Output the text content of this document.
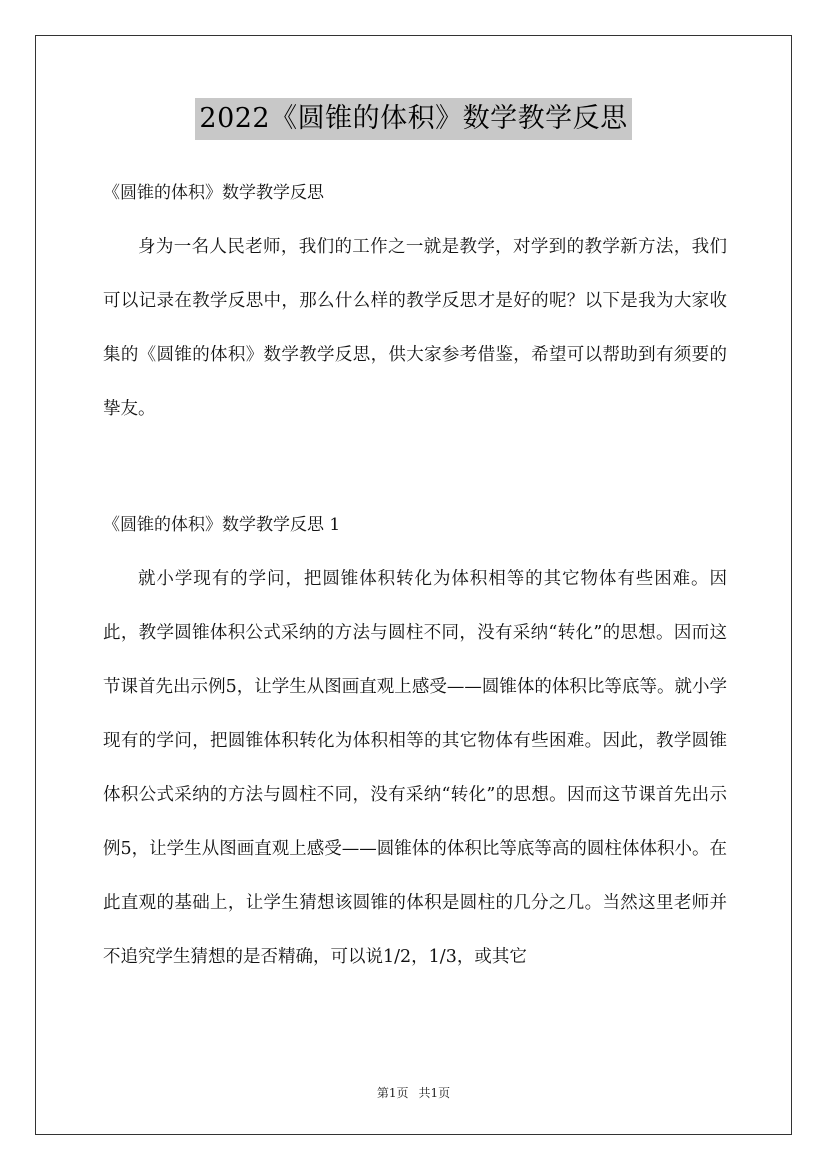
2022《圆锥的体积》数学教学反思

《圆锥的体积》数学教学反思

身为一名人民老师，我们的工作之一就是教学，对学到的教学新方法，我们可以记录在教学反思中，那么什么样的教学反思才是好的呢？以下是我为大家收集的《圆锥的体积》数学教学反思，供大家参考借鉴，希望可以帮助到有须要的挚友。

《圆锥的体积》数学教学反思 1

就小学现有的学问，把圆锥体积转化为体积相等的其它物体有些困难。因此，教学圆锥体积公式采纳的方法与圆柱不同，没有采纳“转化”的思想。因而这节课首先出示例5，让学生从图画直观上感受——圆锥体的体积比等底等。就小学现有的学问，把圆锥体积转化为体积相等的其它物体有些困难。因此，教学圆锥体积公式采纳的方法与圆柱不同，没有采纳“转化”的思想。因而这节课首先出示例5，让学生从图画直观上感受——圆锥体的体积比等底等高的圆柱体体积小。在此直观的基础上，让学生猜想该圆锥的体积是圆柱的几分之几。当然这里老师并不追究学生猜想的是否精确，可以说1/2，1/3，或其它

第1页 共1页
